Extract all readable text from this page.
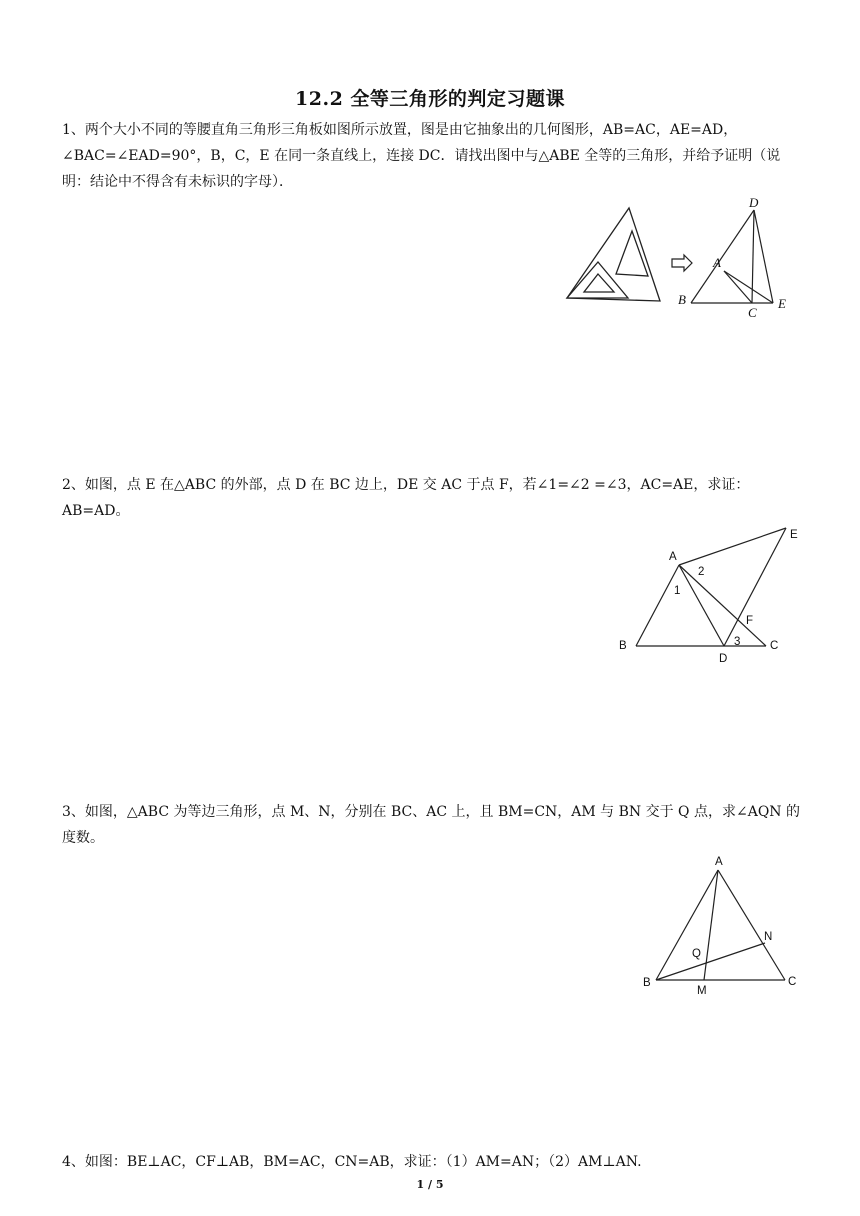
12.2 全等三角形的判定习题课
1、两个大小不同的等腰直角三角形三角板如图所示放置，图是由它抽象出的几何图形，AB=AC，AE=AD，∠BAC=∠EAD=90°，B，C，E 在同一条直线上，连接 DC．请找出图中与△ABE 全等的三角形，并给予证明（说明：结论中不得含有未标识的字母）．
D
A
B
C
E
2、如图，点 E 在△ABC 的外部，点 D 在 BC 边上，DE 交 AC 于点 F，若∠1=∠2 =∠3，AC=AE，求证：AB=AD。
A
E
B	C
D
F
1
2
3
3、如图，△ABC 为等边三角形，点 M、N，分别在 BC、AC 上，且 BM=CN，AM 与 BN 交于 Q 点，求∠AQN 的度数。
A
B	C
M
N
Q
4、如图：BE⊥AC，CF⊥AB，BM=AC，CN=AB，求证：（1）AM=AN；（2）AM⊥AN.
1 / 5
